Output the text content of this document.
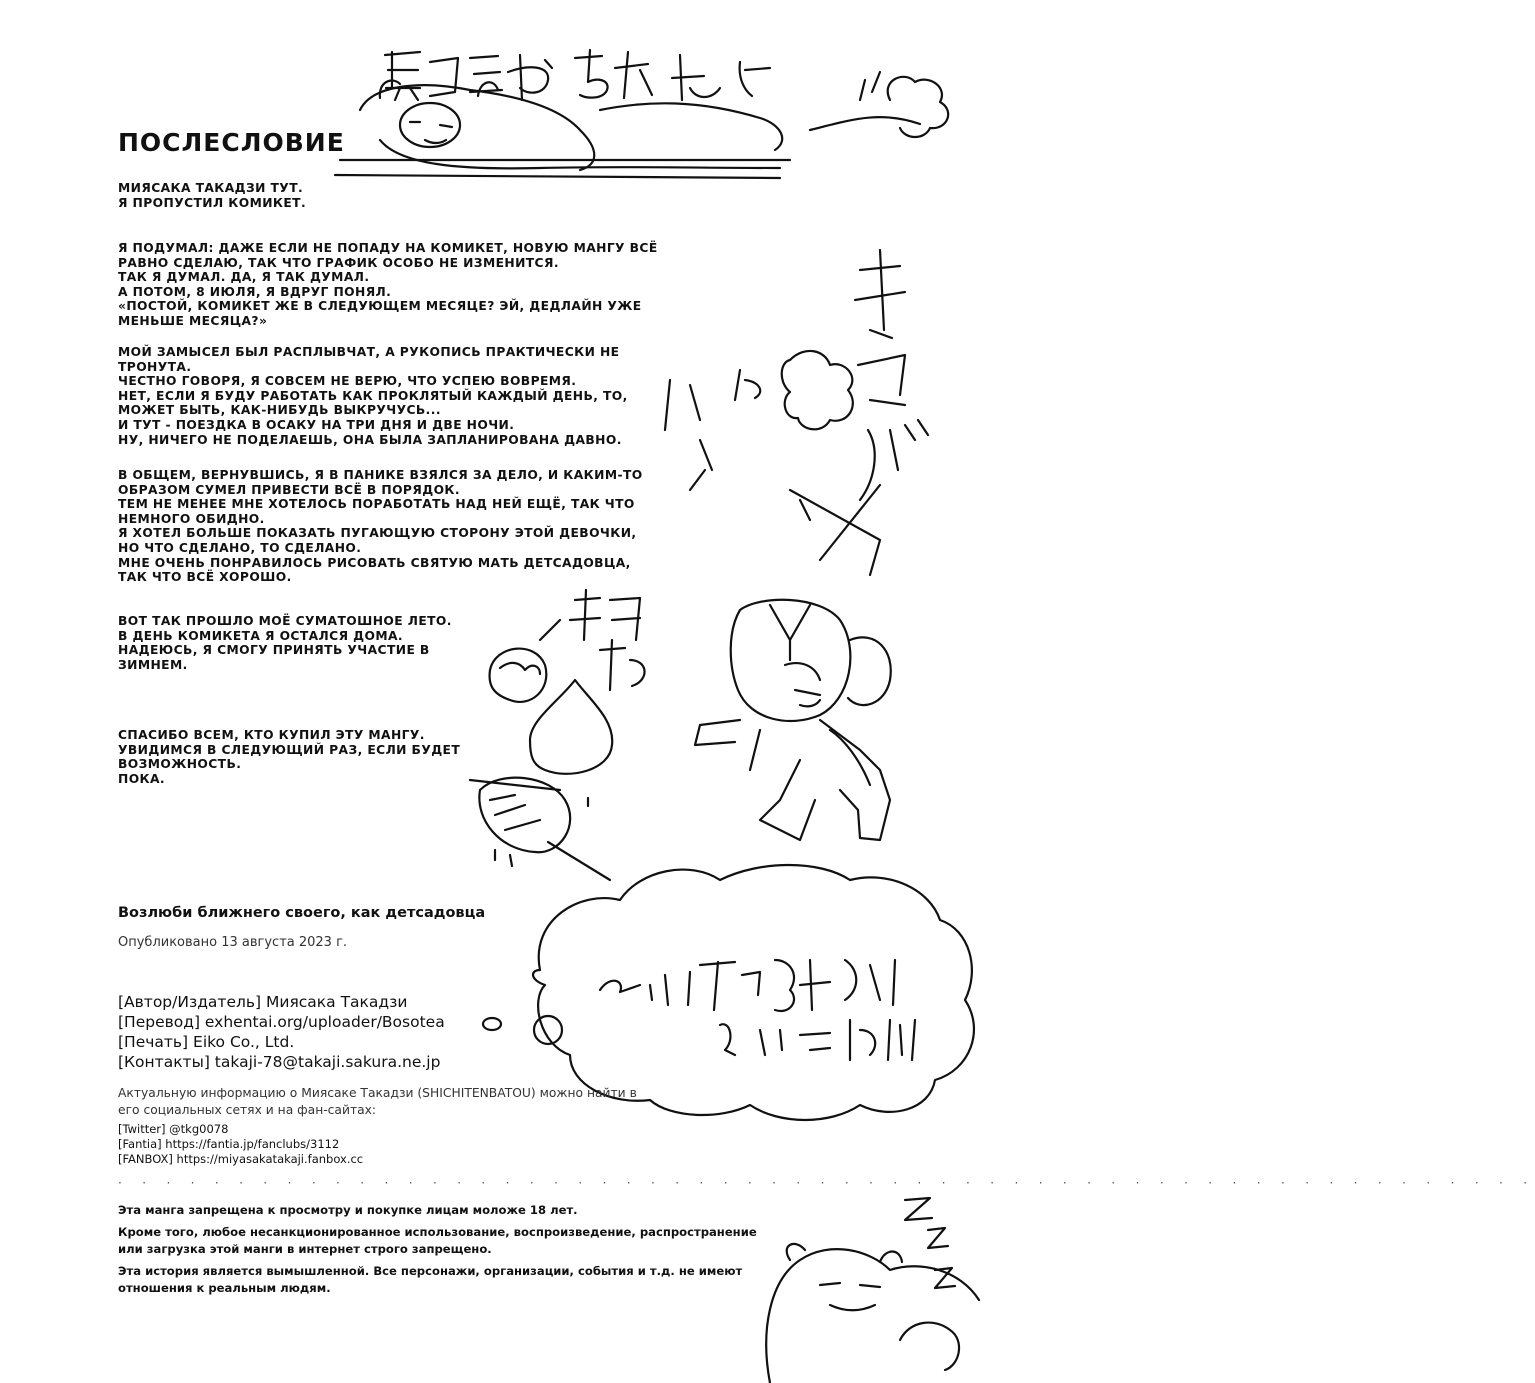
ПОСЛЕСЛОВИЕ

МИЯСАКА ТАКАДЗИ ТУТ.
Я ПРОПУСТИЛ КОМИКЕТ.

Я ПОДУМАЛ: ДАЖЕ ЕСЛИ НЕ ПОПАДУ НА КОМИКЕТ, НОВУЮ МАНГУ ВСЁ
РАВНО СДЕЛАЮ, ТАК ЧТО ГРАФИК ОСОБО НЕ ИЗМЕНИТСЯ.
ТАК Я ДУМАЛ. ДА, Я ТАК ДУМАЛ.
А ПОТОМ, 8 ИЮЛЯ, Я ВДРУГ ПОНЯЛ.
«ПОСТОЙ, КОМИКЕТ ЖЕ В СЛЕДУЮЩЕМ МЕСЯЦЕ? ЭЙ, ДЕДЛАЙН УЖЕ
МЕНЬШЕ МЕСЯЦА?»

МОЙ ЗАМЫСЕЛ БЫЛ РАСПЛЫВЧАТ, А РУКОПИСЬ ПРАКТИЧЕСКИ НЕ
ТРОНУТА.
ЧЕСТНО ГОВОРЯ, Я СОВСЕМ НЕ ВЕРЮ, ЧТО УСПЕЮ ВОВРЕМЯ.
НЕТ, ЕСЛИ Я БУДУ РАБОТАТЬ КАК ПРОКЛЯТЫЙ КАЖДЫЙ ДЕНЬ, ТО,
МОЖЕТ БЫТЬ, КАК-НИБУДЬ ВЫКРУЧУСЬ...
И ТУТ - ПОЕЗДКА В ОСАКУ НА ТРИ ДНЯ И ДВЕ НОЧИ.
НУ, НИЧЕГО НЕ ПОДЕЛАЕШЬ, ОНА БЫЛА ЗАПЛАНИРОВАНА ДАВНО.

В ОБЩЕМ, ВЕРНУВШИСЬ, Я В ПАНИКЕ ВЗЯЛСЯ ЗА ДЕЛО, И КАКИМ-ТО
ОБРАЗОМ СУМЕЛ ПРИВЕСТИ ВСЁ В ПОРЯДОК.
ТЕМ НЕ МЕНЕЕ МНЕ ХОТЕЛОСЬ ПОРАБОТАТЬ НАД НЕЙ ЕЩЁ, ТАК ЧТО
НЕМНОГО ОБИДНО.
Я ХОТЕЛ БОЛЬШЕ ПОКАЗАТЬ ПУГАЮЩУЮ СТОРОНУ ЭТОЙ ДЕВОЧКИ,
НО ЧТО СДЕЛАНО, ТО СДЕЛАНО.
МНЕ ОЧЕНЬ ПОНРАВИЛОСЬ РИСОВАТЬ СВЯТУЮ МАТЬ ДЕТСАДОВЦА,
ТАК ЧТО ВСЁ ХОРОШО.

ВОТ ТАК ПРОШЛО МОЁ СУМАТОШНОЕ ЛЕТО.
В ДЕНЬ КОМИКЕТА Я ОСТАЛСЯ ДОМА.
НАДЕЮСЬ, Я СМОГУ ПРИНЯТЬ УЧАСТИЕ В
ЗИМНЕМ.

СПАСИБО ВСЕМ, КТО КУПИЛ ЭТУ МАНГУ.
УВИДИМСЯ В СЛЕДУЮЩИЙ РАЗ, ЕСЛИ БУДЕТ
ВОЗМОЖНОСТЬ.
ПОКА.

Возлюби ближнего своего, как детсадовца
Опубликовано 13 августа 2023 г.
[Автор/Издатель] Миясака Такадзи
[Перевод] exhentai.org/uploader/Bosotea
[Печать] Eiko Co., Ltd.
[Контакты] takaji-78@takaji.sakura.ne.jp
Актуальную информацию о Миясаке Такадзи (SHICHITENBATOU) можно найти в его социальных сетях и на фан-сайтах:
[Twitter] @tkg0078
[Fantia] https://fantia.jp/fanclubs/3112
[FANBOX] https://miyasakatakaji.fanbox.cc
· · · · · · · · · · · · · · · · · · · · · · · · · · · · · · · · · · · · · · · · · · · · · · · · · · · · · · · · · · ·

Эта манга запрещена к просмотру и покупке лицам моложе 18 лет.

Кроме того, любое несанкционированное использование, воспроизведение, распространение или загрузка этой манги в интернет строго запрещено.

Эта история является вымышленной. Все персонажи, организации, события и т.д. не имеют отношения к реальным людям.
